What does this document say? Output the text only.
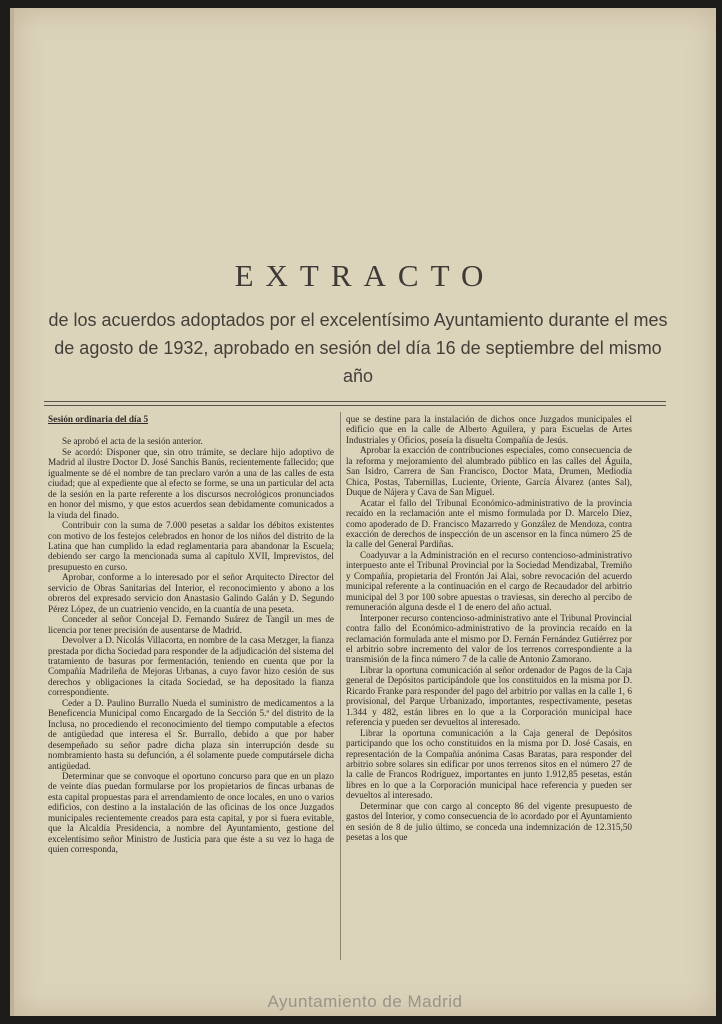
EXTRACTO

de los acuerdos adoptados por el excelentísimo Ayuntamiento durante el mes de agosto de 1932, aprobado en sesión del día 16 de septiembre del mismo año

Sesión ordinaria del día 5

Se aprobó el acta de la sesión anterior.

Se acordó: Disponer que, sin otro trámite, se declare hijo adoptivo de Madrid al ilustre Doctor D. José Sanchis Banús, recientemente fallecido; que igualmente se dé el nombre de tan preclaro varón a una de las calles de esta ciudad; que al expediente que al efecto se forme, se una un particular del acta de la sesión en la parte referente a los discursos necrológicos pronunciados en honor del mismo, y que estos acuerdos sean debidamente comunicados a la viuda del finado.

Contribuir con la suma de 7.000 pesetas a saldar los débitos existentes con motivo de los festejos celebrados en honor de los niños del distrito de la Latina que han cumplido la edad reglamentaria para abandonar la Escuela; debiendo ser cargo la mencionada suma al capítulo XVII, Imprevistos, del presupuesto en curso.

Aprobar, conforme a lo interesado por el señor Arquitecto Director del servicio de Obras Sanitarias del Interior, el reconocimiento y abono a los obreros del expresado servicio don Anastasio Galindo Galán y D. Segundo Pérez López, de un cuatrienio vencido, en la cuantía de una peseta.

Conceder al señor Concejal D. Fernando Suárez de Tangil un mes de licencia por tener precisión de ausentarse de Madrid.

Devolver a D. Nicolás Villacorta, en nombre de la casa Metzger, la fianza prestada por dicha Sociedad para responder de la adjudicación del sistema del tratamiento de basuras por fermentación, teniendo en cuenta que por la Compañía Madrileña de Mejoras Urbanas, a cuyo favor hizo cesión de sus derechos y obligaciones la citada Sociedad, se ha depositado la fianza correspondiente.

Ceder a D. Paulino Burrallo Nueda el suministro de medicamentos a la Beneficencia Municipal como Encargado de la Sección 5.ª del distrito de la Inclusa, no procediendo el reconocimiento del tiempo computable a efectos de antigüedad que interesa el Sr. Burrallo, debido a que por haber desempeñado su señor padre dicha plaza sin interrupción desde su nombramiento hasta su defunción, a él solamente puede computársele dicha antigüedad.

Determinar que se convoque el oportuno concurso para que en un plazo de veinte días puedan formularse por los propietarios de fincas urbanas de esta capital propuestas para el arrendamiento de once locales, en uno o varios edificios, con destino a la instalación de las oficinas de los once Juzgados municipales recientemente creados para esta capital, y por si fuera evitable, que la Alcaldía Presidencia, a nombre del Ayuntamiento, gestione del excelentísimo señor Ministro de Justicia para que éste a su vez lo haga de quien corresponda,

que se destine para la instalación de dichos once Juzgados municipales el edificio que en la calle de Alberto Aguilera, y para Escuelas de Artes Industriales y Oficios, poseía la disuelta Compañía de Jesús.

Aprobar la exacción de contribuciones especiales, como consecuencia de la reforma y mejoramiento del alumbrado público en las calles del Águila, San Isidro, Carrera de San Francisco, Doctor Mata, Drumen, Mediodía Chica, Postas, Tabernillas, Luciente, Oriente, García Álvarez (antes Sal), Duque de Nájera y Cava de San Miguel.

Acatar el fallo del Tribunal Económico-administrativo de la provincia recaído en la reclamación ante el mismo formulada por D. Marcelo Díez, como apoderado de D. Francisco Mazarredo y González de Mendoza, contra exacción de derechos de inspección de un ascensor en la finca número 25 de la calle del General Pardiñas.

Coadyuvar a la Administración en el recurso contencioso-administrativo interpuesto ante el Tribunal Provincial por la Sociedad Mendizabal, Tremiño y Compañía, propietaria del Frontón Jai Alai, sobre revocación del acuerdo municipal referente a la continuación en el cargo de Recaudador del arbitrio municipal del 3 por 100 sobre apuestas o traviesas, sin derecho al percibo de remuneración alguna desde el 1 de enero del año actual.

Interponer recurso contencioso-administrativo ante el Tribunal Provincial contra fallo del Económico-administrativo de la provincia recaído en la reclamación formulada ante el mismo por D. Fernán Fernández Gutiérrez por el arbitrio sobre incremento del valor de los terrenos correspondiente a la transmisión de la finca número 7 de la calle de Antonio Zamorano.

Librar la oportuna comunicación al señor ordenador de Pagos de la Caja general de Depósitos participándole que los constituidos en la misma por D. Ricardo Franke para responder del pago del arbitrio por vallas en la calle 1, 6 provisional, del Parque Urbanizado, importantes, respectivamente, pesetas 1.344 y 482, están libres en lo que a la Corporación municipal hace referencia y pueden ser devueltos al interesado.

Librar la oportuna comunicación a la Caja general de Depósitos participando que los ocho constituidos en la misma por D. José Casais, en representación de la Compañía anónima Casas Baratas, para responder del arbitrio sobre solares sin edificar por unos terrenos sitos en el número 27 de la calle de Francos Rodríguez, importantes en junto 1.912,85 pesetas, están libres en lo que a la Corporación municipal hace referencia y pueden ser devueltos al interesado.

Determinar que con cargo al concepto 86 del vigente presupuesto de gastos del Interior, y como consecuencia de lo acordado por el Ayuntamiento en sesión de 8 de julio último, se conceda una indemnización de 12.315,50 pesetas a los que

Ayuntamiento de Madrid
